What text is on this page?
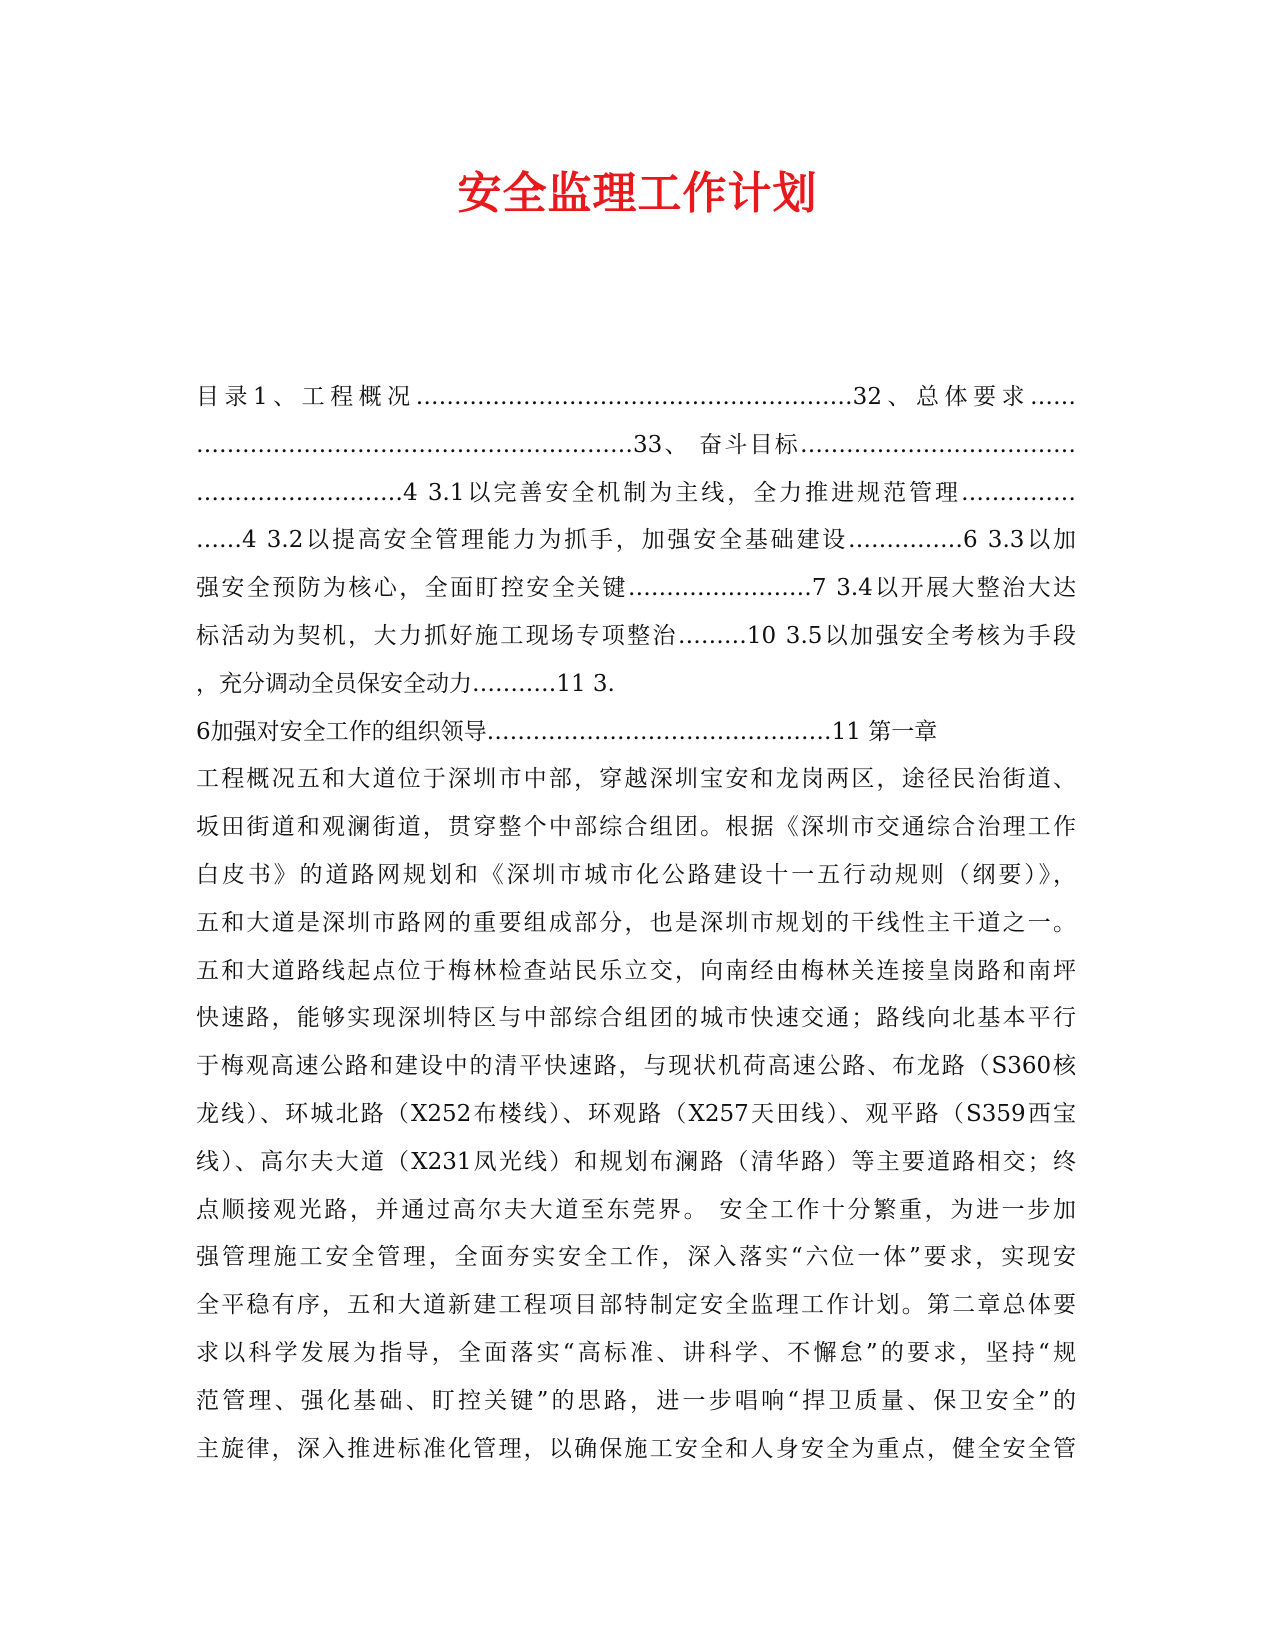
安全监理工作计划
目录1、工程概况…………………………………………………32、总体要求……
…………………………………………………33、 奋斗目标………………………………
………………………4 3.1以完善安全机制为主线，全力推进规范管理……………
……4 3.2以提高安全管理能力为抓手，加强安全基础建设……………6 3.3以加
强安全预防为核心，全面盯控安全关键……………………7 3.4以开展大整治大达
标活动为契机，大力抓好施工现场专项整治………10 3.5以加强安全考核为手段
，充分调动全员保安全动力………‥11 3.
6加强对安全工作的组织领导………………………………………11 第一章
工程概况五和大道位于深圳市中部，穿越深圳宝安和龙岗两区，途径民治街道、
坂田街道和观澜街道，贯穿整个中部综合组团。根据《深圳市交通综合治理工作
白皮书》的道路网规划和《深圳市城市化公路建设十一五行动规则（纲要）》，
五和大道是深圳市路网的重要组成部分，也是深圳市规划的干线性主干道之一。
五和大道路线起点位于梅林检查站民乐立交，向南经由梅林关连接皇岗路和南坪
快速路，能够实现深圳特区与中部综合组团的城市快速交通；路线向北基本平行
于梅观高速公路和建设中的清平快速路，与现状机荷高速公路、布龙路（S360核
龙线）、环城北路（X252布楼线）、环观路（X257天田线）、观平路（S359西宝
线）、高尔夫大道（X231凤光线）和规划布澜路（清华路）等主要道路相交；终
点顺接观光路，并通过高尔夫大道至东莞界。 安全工作十分繁重，为进一步加
强管理施工安全管理，全面夯实安全工作，深入落实“六位一体”要求，实现安
全平稳有序，五和大道新建工程项目部特制定安全监理工作计划。第二章总体要
求以科学发展为指导，全面落实“高标准、讲科学、不懈怠”的要求，坚持“规
范管理、强化基础、盯控关键”的思路，进一步唱响“捍卫质量、保卫安全”的
主旋律，深入推进标准化管理，以确保施工安全和人身安全为重点，健全安全管
